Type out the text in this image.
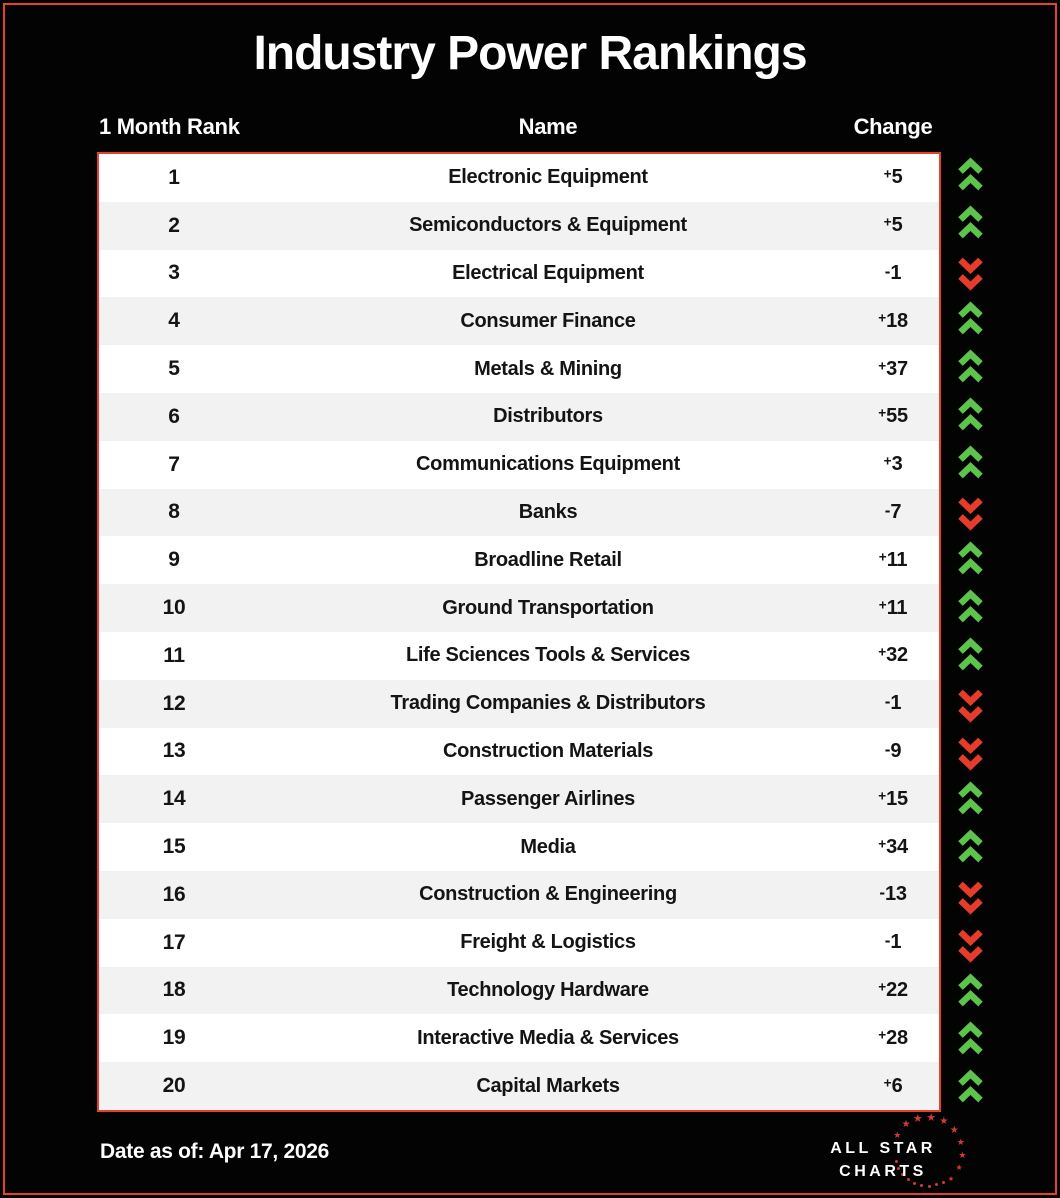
Industry Power Rankings
1 Month Rank	Name	Change
1	Electronic Equipment	+5
2	Semiconductors & Equipment	+5
3	Electrical Equipment	-1
4	Consumer Finance	+18
5	Metals & Mining	+37
6	Distributors	+55
7	Communications Equipment	+3
8	Banks	-7
9	Broadline Retail	+11
10	Ground Transportation	+11
11	Life Sciences Tools & Services	+32
12	Trading Companies & Distributors	-1
13	Construction Materials	-9
14	Passenger Airlines	+15
15	Media	+34
16	Construction & Engineering	-13
17	Freight & Logistics	-1
18	Technology Hardware	+22
19	Interactive Media & Services	+28
20	Capital Markets	+6
Date as of: Apr 17, 2026
★
★ ★ ★ ★
★
★
★
★
★
ALL STAR
CHARTS
